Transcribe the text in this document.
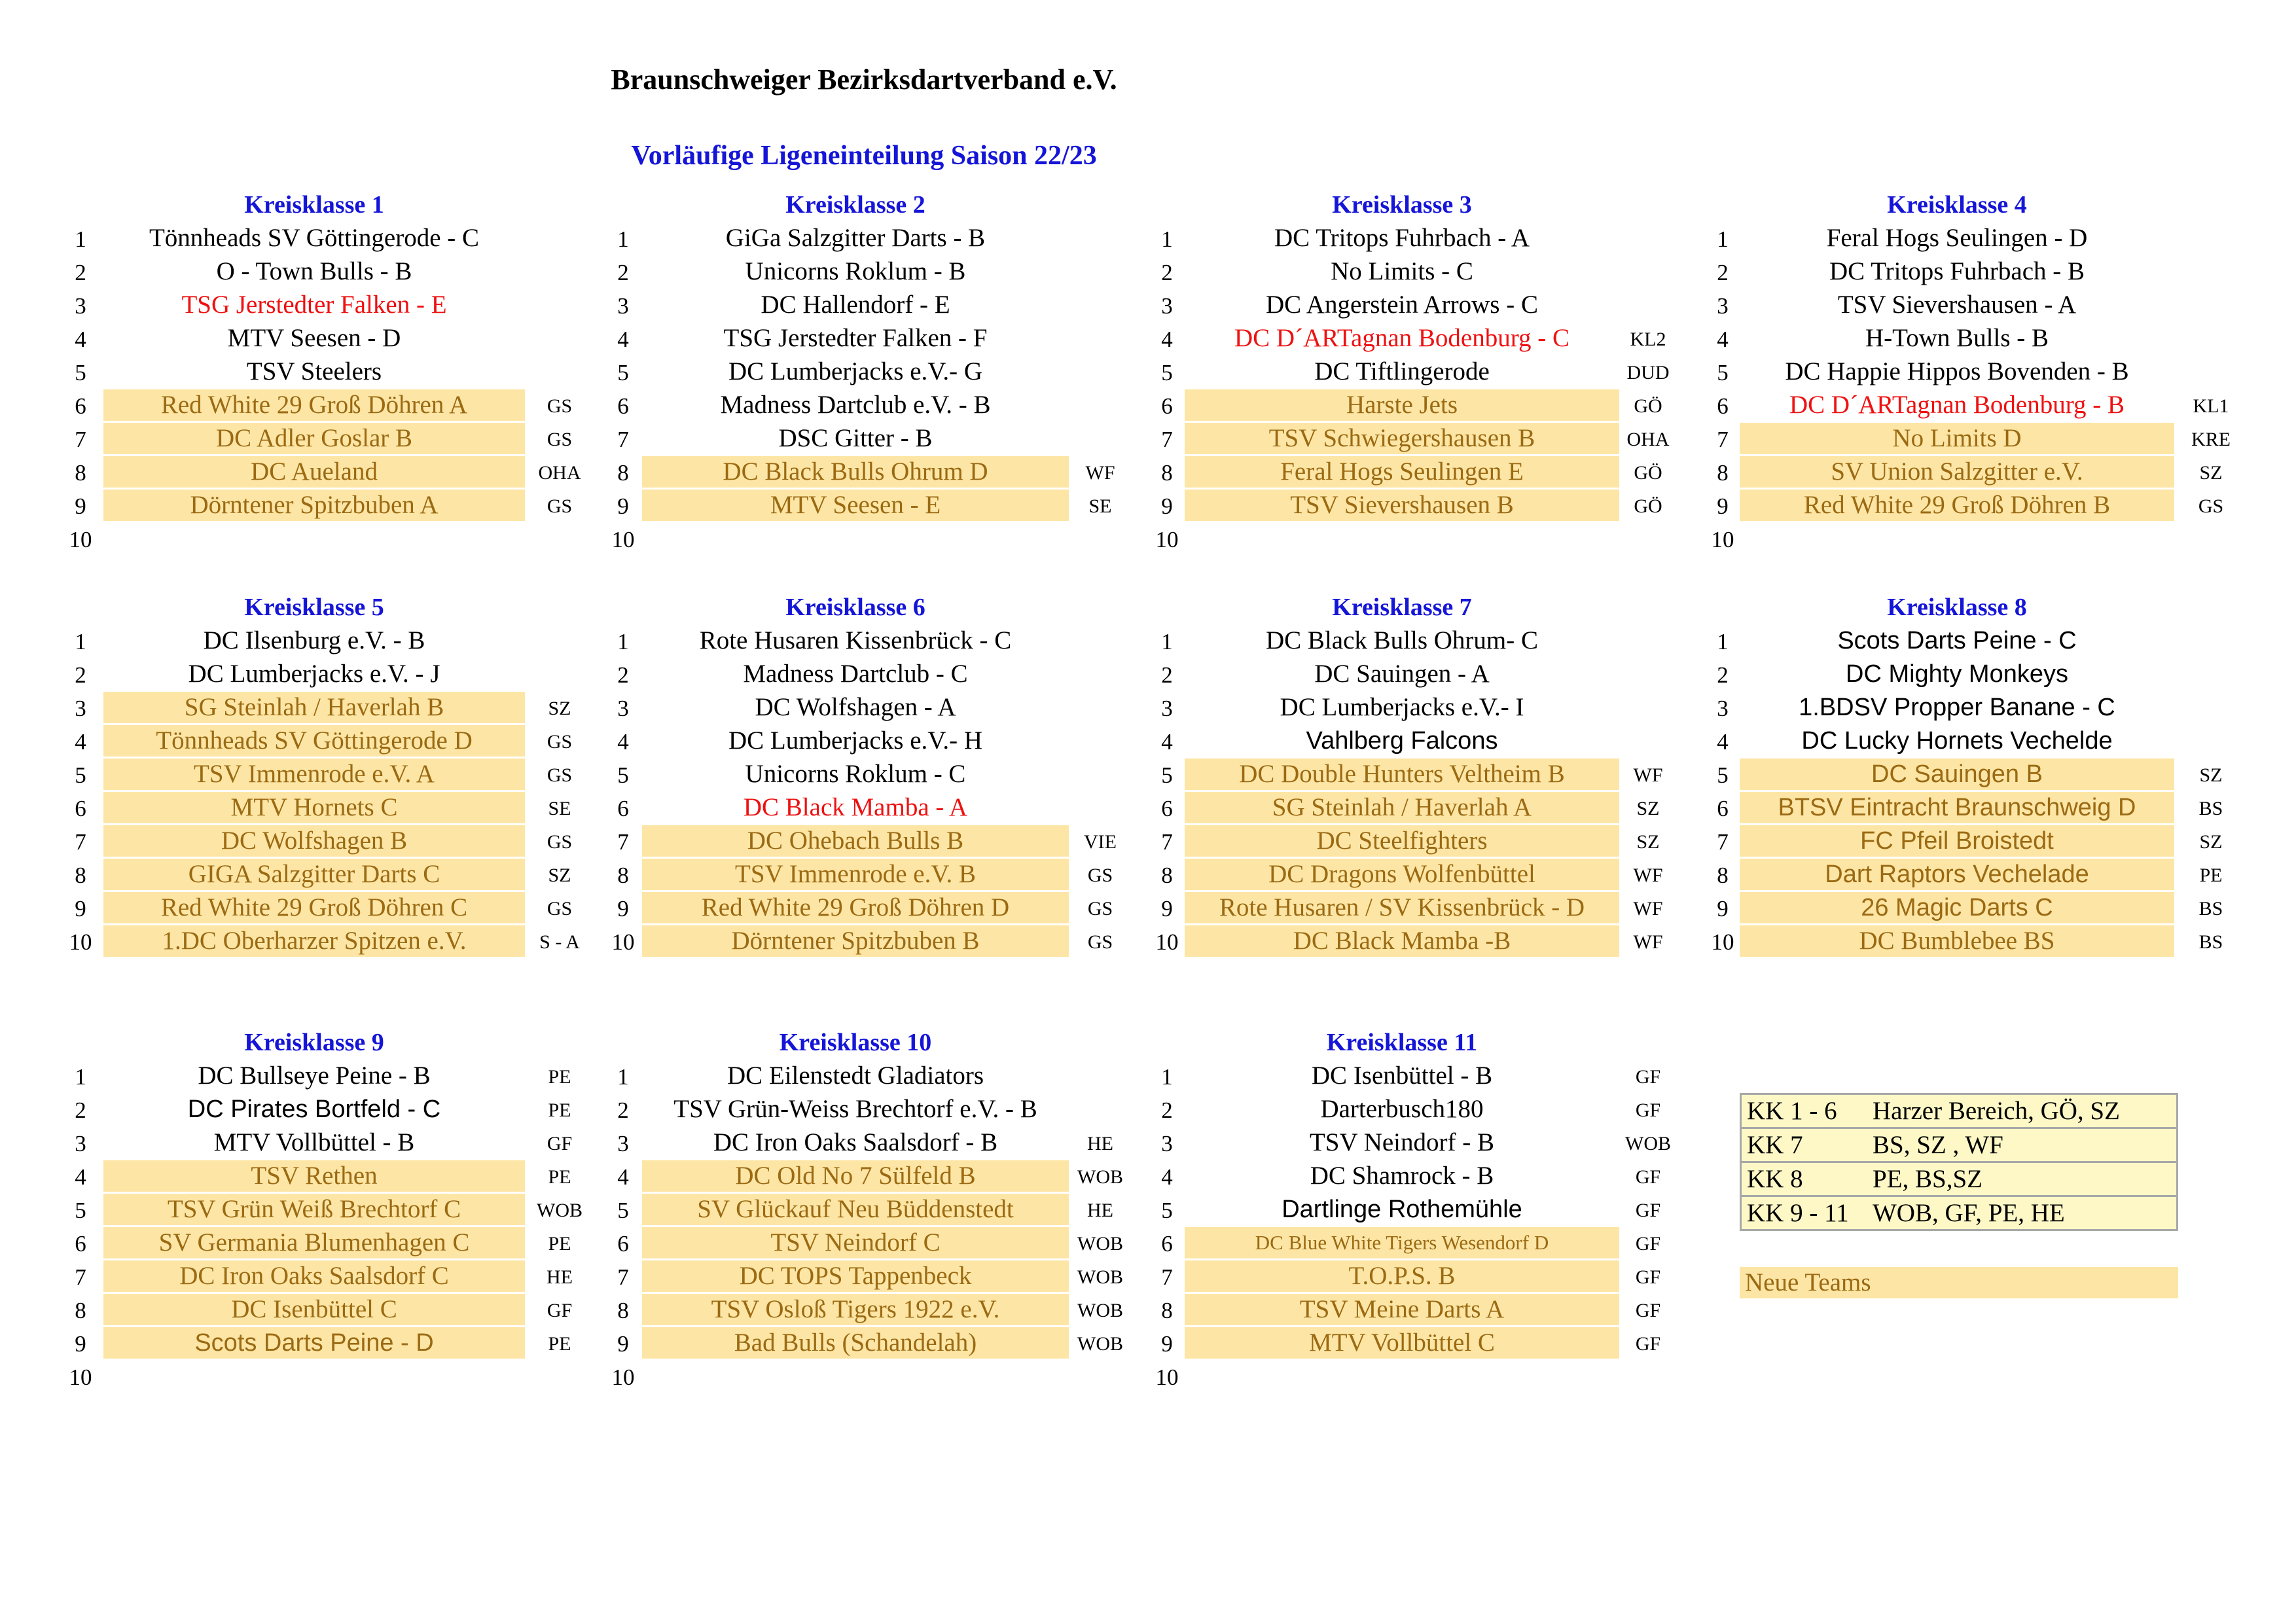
Braunschweiger Bezirksdartverband e.V.
Vorläufige Ligeneinteilung Saison 22/23
Kreisklasse 1
1	Tönnheads SV Göttingerode - C
2	O - Town Bulls - B
3	TSG Jerstedter Falken - E
4	MTV Seesen - D
5	TSV Steelers
6	Red White 29 Groß Döhren A	GS
7	DC Adler Goslar B	GS
8	DC Aueland	OHA
9	Dörntener Spitzbuben A	GS
10
Kreisklasse 2
1	GiGa Salzgitter Darts - B
2	Unicorns Roklum - B
3	DC Hallendorf - E
4	TSG Jerstedter Falken - F
5	DC Lumberjacks e.V.- G
6	Madness Dartclub e.V. - B
7	DSC Gitter - B
8	DC Black Bulls Ohrum D	WF
9	MTV Seesen - E	SE
10
Kreisklasse 3
1	DC Tritops Fuhrbach - A
2	No Limits - C
3	DC Angerstein Arrows - C
4	DC D´ARTagnan Bodenburg - C	KL2
5	DC Tiftlingerode	DUD
6	Harste Jets	GÖ
7	TSV Schwiegershausen B	OHA
8	Feral Hogs Seulingen E	GÖ
9	TSV Sievershausen B	GÖ
10
Kreisklasse 4
1	Feral Hogs Seulingen - D
2	DC Tritops Fuhrbach - B
3	TSV Sievershausen - A
4	H-Town Bulls - B
5	DC Happie Hippos Bovenden - B
6	DC D´ARTagnan Bodenburg - B	KL1
7	No Limits D	KRE
8	SV Union Salzgitter e.V.	SZ
9	Red White 29 Groß Döhren B	GS
10
Kreisklasse 5
1	DC Ilsenburg e.V. - B
2	DC Lumberjacks e.V. - J
3	SG Steinlah / Haverlah B	SZ
4	Tönnheads SV Göttingerode D	GS
5	TSV Immenrode e.V. A	GS
6	MTV Hornets C	SE
7	DC Wolfshagen B	GS
8	GIGA Salzgitter Darts C	SZ
9	Red White 29 Groß Döhren C	GS
10	1.DC Oberharzer Spitzen e.V.	S - A
Kreisklasse 6
1	Rote Husaren Kissenbrück - C
2	Madness Dartclub - C
3	DC Wolfshagen - A
4	DC Lumberjacks e.V.- H
5	Unicorns Roklum - C
6	DC Black Mamba - A
7	DC Ohebach Bulls B	VIE
8	TSV Immenrode e.V. B	GS
9	Red White 29 Groß Döhren D	GS
10	Dörntener Spitzbuben B	GS
Kreisklasse 7
1	DC Black Bulls Ohrum- C
2	DC Sauingen - A
3	DC Lumberjacks e.V.- I
4	Vahlberg Falcons
5	DC Double Hunters Veltheim B	WF
6	SG Steinlah / Haverlah A	SZ
7	DC Steelfighters	SZ
8	DC Dragons Wolfenbüttel	WF
9	Rote Husaren / SV Kissenbrück - D	WF
10	DC Black Mamba -B	WF
Kreisklasse 8
1	Scots Darts Peine - C
2	DC Mighty Monkeys
3	1.BDSV Propper Banane - C
4	DC Lucky Hornets Vechelde
5	DC Sauingen B	SZ
6	BTSV Eintracht Braunschweig D	BS
7	FC Pfeil Broistedt	SZ
8	Dart Raptors Vechelade	PE
9	26 Magic Darts C	BS
10	DC Bumblebee BS	BS
Kreisklasse 9
1	DC Bullseye Peine - B	PE
2	DC Pirates Bortfeld - C	PE
3	MTV Vollbüttel - B	GF
4	TSV Rethen	PE
5	TSV Grün Weiß Brechtorf C	WOB
6	SV Germania Blumenhagen C	PE
7	DC Iron Oaks Saalsdorf C	HE
8	DC Isenbüttel C	GF
9	Scots Darts Peine - D	PE
10
Kreisklasse 10
1	DC Eilenstedt Gladiators
2	TSV Grün-Weiss Brechtorf e.V. - B
3	DC Iron Oaks Saalsdorf - B	HE
4	DC Old No 7 Sülfeld B	WOB
5	SV Glückauf Neu Büddenstedt	HE
6	TSV Neindorf C	WOB
7	DC TOPS Tappenbeck	WOB
8	TSV Osloß Tigers 1922 e.V.	WOB
9	Bad Bulls (Schandelah)	WOB
10
Kreisklasse 11
1	DC Isenbüttel - B	GF
2	Darterbusch180	GF
3	TSV Neindorf - B	WOB
4	DC Shamrock - B	GF
5	Dartlinge Rothemühle	GF
6	DC Blue White Tigers Wesendorf D	GF
7	T.O.P.S. B	GF
8	TSV Meine Darts A	GF
9	MTV Vollbüttel C	GF
10
KK 1 - 6 Harzer Bereich, GÖ, SZ
KK 7	BS, SZ , WF
KK 8	PE, BS,SZ
KK 9 - 11 WOB, GF, PE, HE
Neue Teams
